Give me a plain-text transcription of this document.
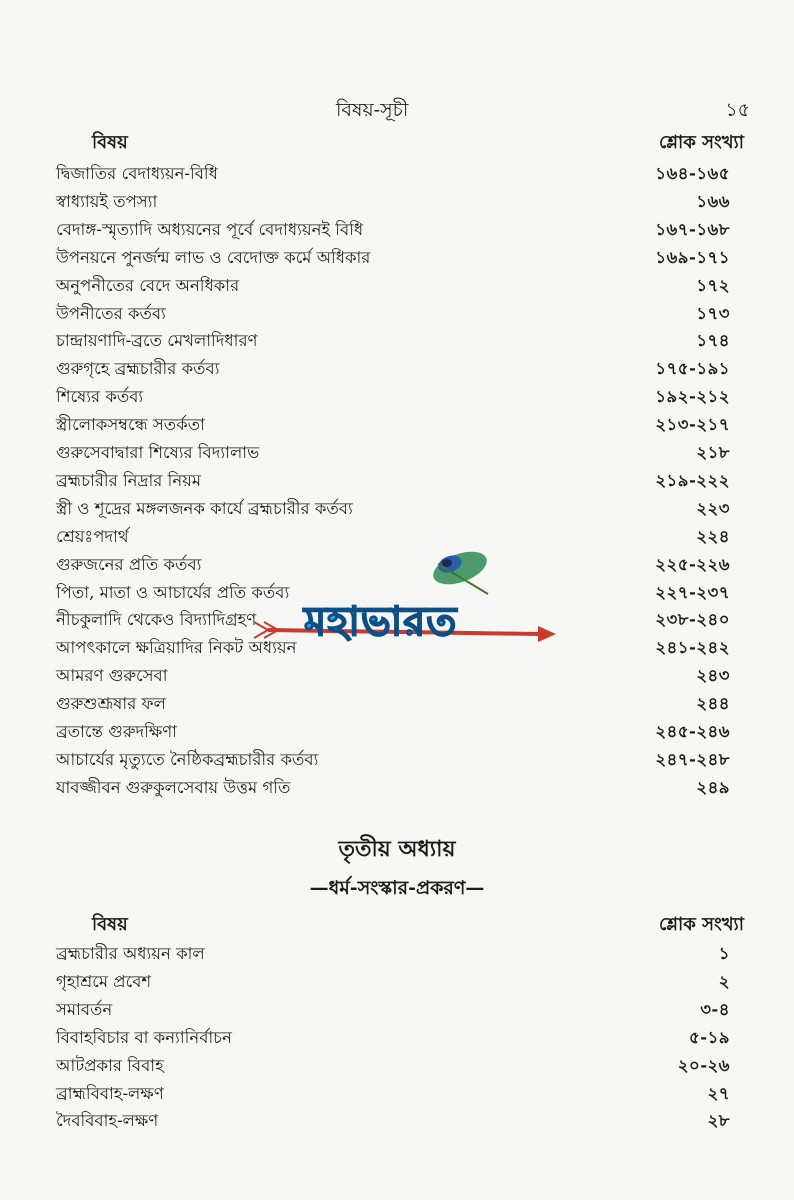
বিষয়-সূচী	১৫
বিষয়	শ্লোক সংখ্যা
দ্বিজাতির বেদাধ্যয়ন-বিধি	১৬৪-১৬৫
স্বাধ্যায়ই তপস্যা	১৬৬
বেদাঙ্গ-স্মৃত্যাদি অধ্যয়নের পূর্বে বেদাধ্যয়নই বিধি	১৬৭-১৬৮
উপনয়নে পুনর্জন্ম লাভ ও বেদোক্ত কর্মে অধিকার	১৬৯-১৭১
অনুপনীতের বেদে অনধিকার	১৭২
উপনীতের কর্তব্য	১৭৩
চান্দ্রায়ণাদি-ব্রতে মেখলাদিধারণ	১৭৪
গুরুগৃহে ব্রহ্মচারীর কর্তব্য	১৭৫-১৯১
শিষ্যের কর্তব্য	১৯২-২১২
স্ত্রীলোকসম্বন্ধে সতর্কতা	২১৩-২১৭
গুরুসেবাদ্বারা শিষ্যের বিদ্যালাভ	২১৮
ব্রহ্মচারীর নিদ্রার নিয়ম	২১৯-২২২
স্ত্রী ও শূদ্রের মঙ্গলজনক কার্যে ব্রহ্মচারীর কর্তব্য	২২৩
শ্রেয়ঃপদার্থ	২২৪
গুরুজনের প্রতি কর্তব্য	২২৫-২২৬
পিতা, মাতা ও আচার্যের প্রতি কর্তব্য	২২৭-২৩৭
নীচকুলাদি থেকেও বিদ্যাদিগ্রহণ	২৩৮-২৪০
আপৎকালে ক্ষত্রিয়াদির নিকট অধ্যয়ন	২৪১-২৪২
আমরণ গুরুসেবা	২৪৩
গুরুশুশ্রূষার ফল	২৪৪
ব্রতান্তে গুরুদক্ষিণা	২৪৫-২৪৬
আচার্যের মৃত্যুতে নৈষ্ঠিকব্রহ্মচারীর কর্তব্য	২৪৭-২৪৮
যাবজ্জীবন গুরুকুলসেবায় উত্তম গতি	২৪৯
তৃতীয় অধ্যায়
—ধর্ম-সংস্কার-প্রকরণ—
বিষয়	শ্লোক সংখ্যা
ব্রহ্মচারীর অধ্যয়ন কাল	১
গৃহাশ্রমে প্রবেশ	২
সমাবর্তন	৩-৪
বিবাহবিচার বা কন্যানির্বাচন	৫-১৯
আটপ্রকার বিবাহ	২০-২৬
ব্রাহ্মবিবাহ-লক্ষণ	২৭
দৈববিবাহ-লক্ষণ	২৮
মহাভারত
